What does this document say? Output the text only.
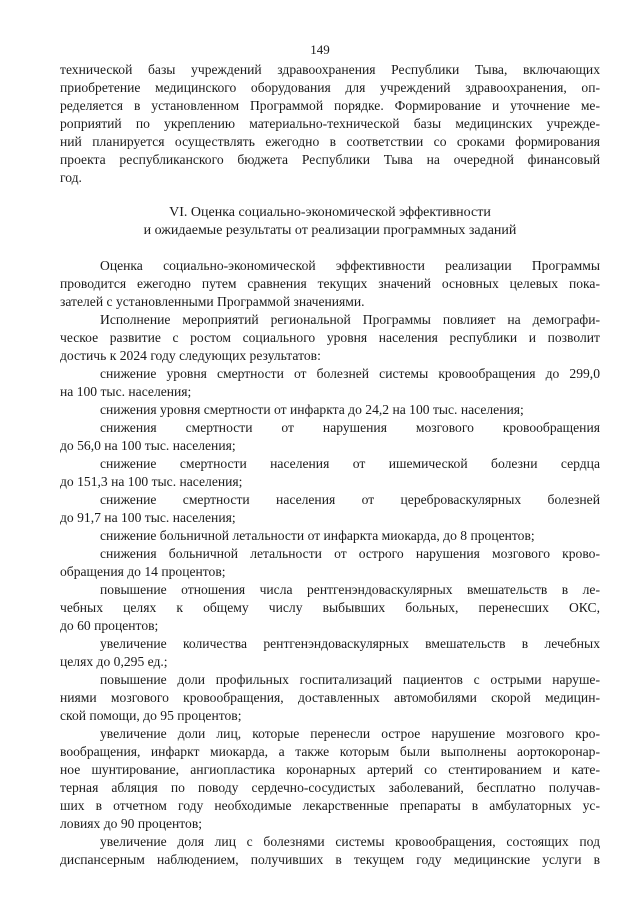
149
технической базы учреждений здравоохранения Республики Тыва, включающих
приобретение медицинского оборудования для учреждений здравоохранения, оп-
ределяется в установленном Программой порядке. Формирование и уточнение ме-
роприятий по укреплению материально-технической базы медицинских учрежде-
ний планируется осуществлять ежегодно в соответствии со сроками формирования
проекта республиканского бюджета Республики Тыва на очередной финансовый
год.
VI. Оценка социально-экономической эффективности
и ожидаемые результаты от реализации программных заданий
Оценка социально-экономической эффективности реализации Программы
проводится ежегодно путем сравнения текущих значений основных целевых пока-
зателей с установленными Программой значениями.
Исполнение мероприятий региональной Программы повлияет на демографи-
ческое развитие с ростом социального уровня населения республики и позволит
достичь к 2024 году следующих результатов:
снижение уровня смертности от болезней системы кровообращения до 299,0
на 100 тыс. населения;
снижения уровня смертности от инфаркта до 24,2 на 100 тыс. населения;
снижения смертности от нарушения мозгового кровообращения
до 56,0 на 100 тыс. населения;
снижение смертности населения от ишемической болезни сердца
до 151,3 на 100 тыс. населения;
снижение смертности населения от цереброваскулярных болезней
до 91,7 на 100 тыс. населения;
снижение больничной летальности от инфаркта миокарда, до 8 процентов;
снижения больничной летальности от острого нарушения мозгового крово-
обращения до 14 процентов;
повышение отношения числа рентгенэндоваскулярных вмешательств в ле-
чебных целях к общему числу выбывших больных, перенесших ОКС,
до 60 процентов;
увеличение количества рентгенэндоваскулярных вмешательств в лечебных
целях до 0,295 ед.;
повышение доли профильных госпитализаций пациентов с острыми наруше-
ниями мозгового кровообращения, доставленных автомобилями скорой медицин-
ской помощи, до 95 процентов;
увеличение доли лиц, которые перенесли острое нарушение мозгового кро-
вообращения, инфаркт миокарда, а также которым были выполнены аортокоронар-
ное шунтирование, ангиопластика коронарных артерий со стентированием и кате-
терная абляция по поводу сердечно-сосудистых заболеваний, бесплатно получав-
ших в отчетном году необходимые лекарственные препараты в амбулаторных ус-
ловиях до 90 процентов;
увеличение доля лиц с болезнями системы кровообращения, состоящих под
диспансерным наблюдением, получивших в текущем году медицинские услуги в
